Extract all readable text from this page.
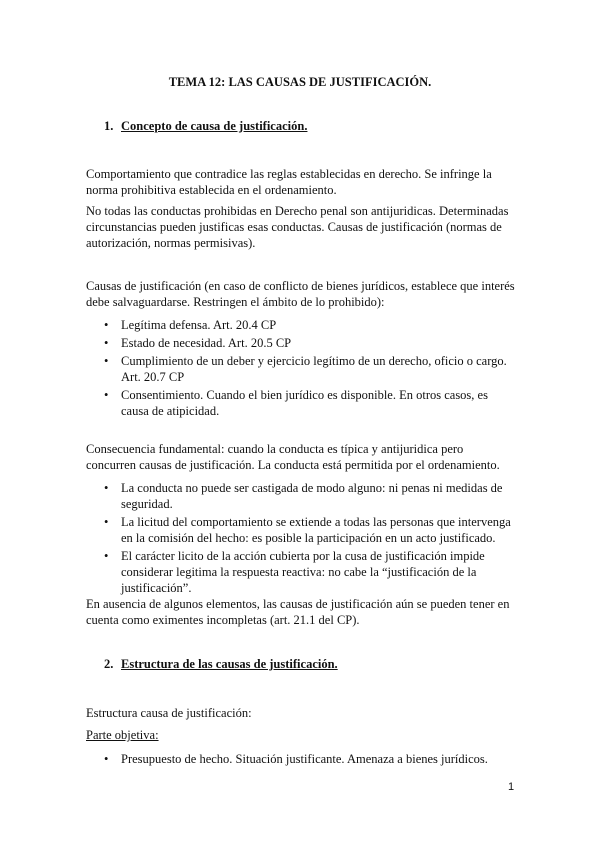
TEMA 12: LAS CAUSAS DE JUSTIFICACIÓN.
1. Concepto de causa de justificación.
Comportamiento que contradice las reglas establecidas en derecho. Se infringe la norma prohibitiva establecida en el ordenamiento.
No todas las conductas prohibidas en Derecho penal son antijuridicas. Determinadas circunstancias pueden justificas esas conductas. Causas de justificación (normas de autorización, normas permisivas).
Causas de justificación (en caso de conflicto de bienes jurídicos, establece que interés debe salvaguardarse. Restringen el ámbito de lo prohibido):
• Legítima defensa. Art. 20.4 CP
• Estado de necesidad. Art. 20.5 CP
• Cumplimiento de un deber y ejercicio legítimo de un derecho, oficio o cargo. Art. 20.7 CP
• Consentimiento. Cuando el bien jurídico es disponible. En otros casos, es causa de atipicidad.
Consecuencia fundamental: cuando la conducta es típica y antijuridica pero concurren causas de justificación. La conducta está permitida por el ordenamiento.
• La conducta no puede ser castigada de modo alguno: ni penas ni medidas de seguridad.
• La licitud del comportamiento se extiende a todas las personas que intervenga en la comisión del hecho: es posible la participación en un acto justificado.
• El carácter licito de la acción cubierta por la cusa de justificación impide considerar legitima la respuesta reactiva: no cabe la “justificación de la justificación”.
En ausencia de algunos elementos, las causas de justificación aún se pueden tener en cuenta como eximentes incompletas (art. 21.1 del CP).
2. Estructura de las causas de justificación.
Estructura causa de justificación:
Parte objetiva:
• Presupuesto de hecho. Situación justificante. Amenaza a bienes jurídicos.
1
